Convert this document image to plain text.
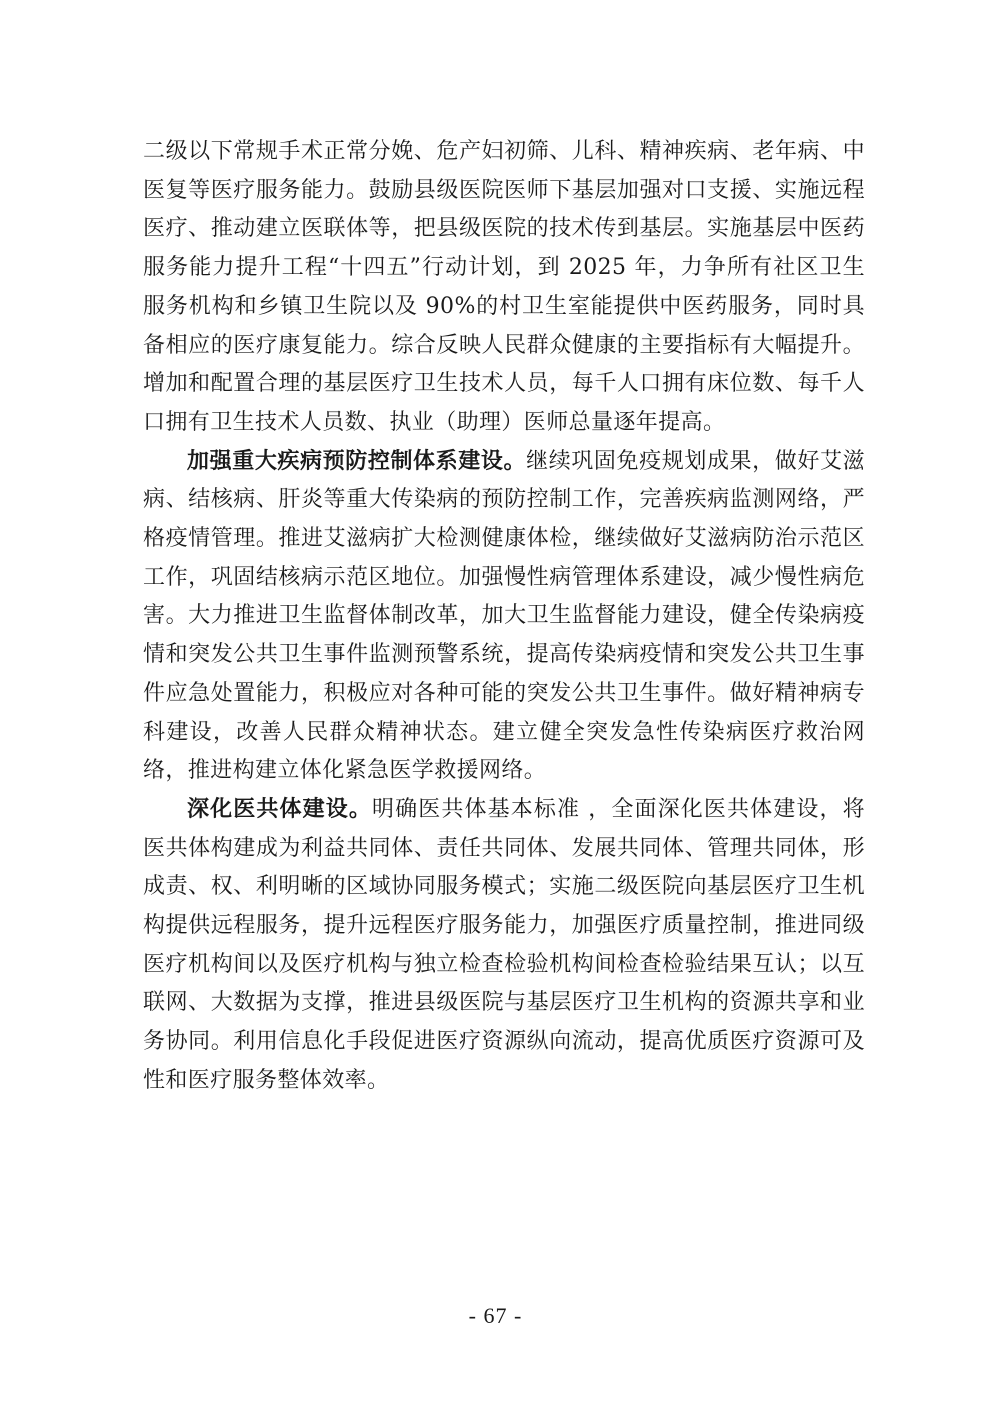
二级以下常规手术正常分娩、危产妇初筛、儿科、精神疾病、老年病、中医复等医疗服务能力。鼓励县级医院医师下基层加强对口支援、实施远程医疗、推动建立医联体等，把县级医院的技术传到基层。实施基层中医药服务能力提升工程“十四五”行动计划，到 2025 年，力争所有社区卫生服务机构和乡镇卫生院以及 90%的村卫生室能提供中医药服务，同时具备相应的医疗康复能力。综合反映人民群众健康的主要指标有大幅提升。增加和配置合理的基层医疗卫生技术人员，每千人口拥有床位数、每千人口拥有卫生技术人员数、执业（助理）医师总量逐年提高。

加强重大疾病预防控制体系建设。继续巩固免疫规划成果，做好艾滋病、结核病、肝炎等重大传染病的预防控制工作，完善疾病监测网络，严格疫情管理。推进艾滋病扩大检测健康体检，继续做好艾滋病防治示范区工作，巩固结核病示范区地位。加强慢性病管理体系建设，减少慢性病危害。大力推进卫生监督体制改革，加大卫生监督能力建设，健全传染病疫情和突发公共卫生事件监测预警系统，提高传染病疫情和突发公共卫生事件应急处置能力，积极应对各种可能的突发公共卫生事件。做好精神病专科建设，改善人民群众精神状态。建立健全突发急性传染病医疗救治网络，推进构建立体化紧急医学救援网络。

深化医共体建设。明确医共体基本标准 ，全面深化医共体建设，将医共体构建成为利益共同体、责任共同体、发展共同体、管理共同体，形成责、权、利明晰的区域协同服务模式；实施二级医院向基层医疗卫生机构提供远程服务，提升远程医疗服务能力，加强医疗质量控制，推进同级医疗机构间以及医疗机构与独立检查检验机构间检查检验结果互认；以互联网、大数据为支撑，推进县级医院与基层医疗卫生机构的资源共享和业务协同。利用信息化手段促进医疗资源纵向流动，提高优质医疗资源可及性和医疗服务整体效率。

- 67 -
